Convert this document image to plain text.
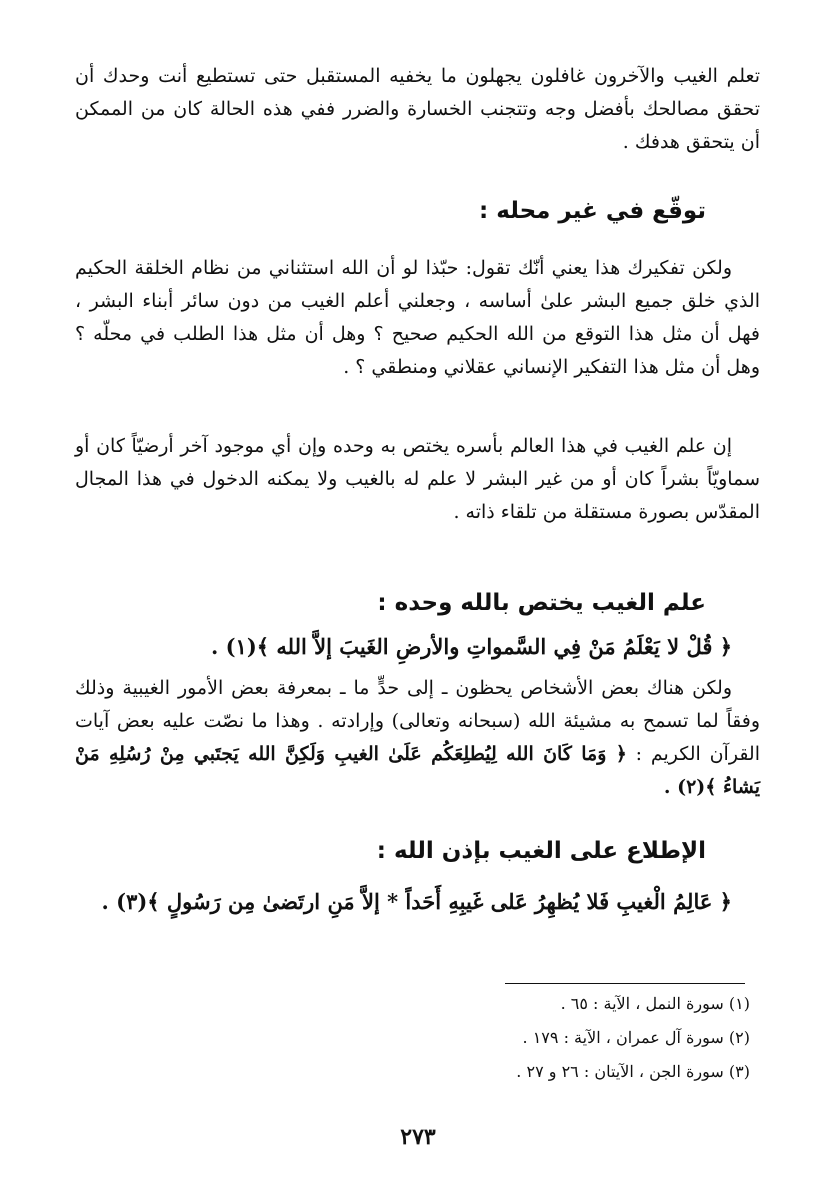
تعلم الغيب والآخرون غافلون يجهلون ما يخفيه المستقبل حتى تستطيع أنت وحدك أن تحقق مصالحك بأفضل وجه وتتجنب الخسارة والضرر ففي هذه الحالة كان من الممكن أن يتحقق هدفك .

توقّع في غير محله :

ولكن تفكيرك هذا يعني أنّك تقول: حبّذا لو أن الله استثناني من نظام الخلقة الحكيم الذي خلق جميع البشر علىٰ أساسه ، وجعلني أعلم الغيب من دون سائر أبناء البشر ، فهل أن مثل هذا التوقع من الله الحكيم صحيح ؟ وهل أن مثل هذا الطلب في محلّه ؟ وهل أن مثل هذا التفكير الإنساني عقلاني ومنطقي ؟ .

إن علم الغيب في هذا العالم بأسره يختص به وحده وإن أي موجود آخر أرضيّاً كان أو سماويّاً بشراً كان أو من غير البشر لا علم له بالغيب ولا يمكنه الدخول في هذا المجال المقدّس بصورة مستقلة من تلقاء ذاته .

علم الغيب يختص بالله وحده :

﴿ قُلْ لا يَعْلَمُ مَنْ فِي السَّمواتِ والأرضِ الغَيبَ إلاَّ الله ﴾(١) .

ولكن هناك بعض الأشخاص يحظون ـ إلى حدٍّ ما ـ بمعرفة بعض الأمور الغيبية وذلك وفقاً لما تسمح به مشيئة الله (سبحانه وتعالى) وإرادته . وهذا ما نصّت عليه بعض آيات القرآن الكريم : ﴿ وَمَا كَانَ الله لِيُطلِعَكُم عَلَىٰ الغيبِ وَلَكِنَّ الله يَجتَبي مِنْ رُسُلِهِ مَنْ يَشاءُ ﴾(٢) .

الإطلاع على الغيب بإذن الله :

﴿ عَالِمُ الْغيبِ فَلا يُظهِرُ عَلى غَيبِهِ أَحَداً * إلاَّ مَنِ ارتَضىٰ مِن رَسُولٍ ﴾(٣) .

(١) سورة النمل ، الآية : ٦٥ .
(٢) سورة آل عمران ، الآية : ١٧٩ .
(٣) سورة الجن ، الآيتان : ٢٦ و ٢٧ .
٢٧٣
